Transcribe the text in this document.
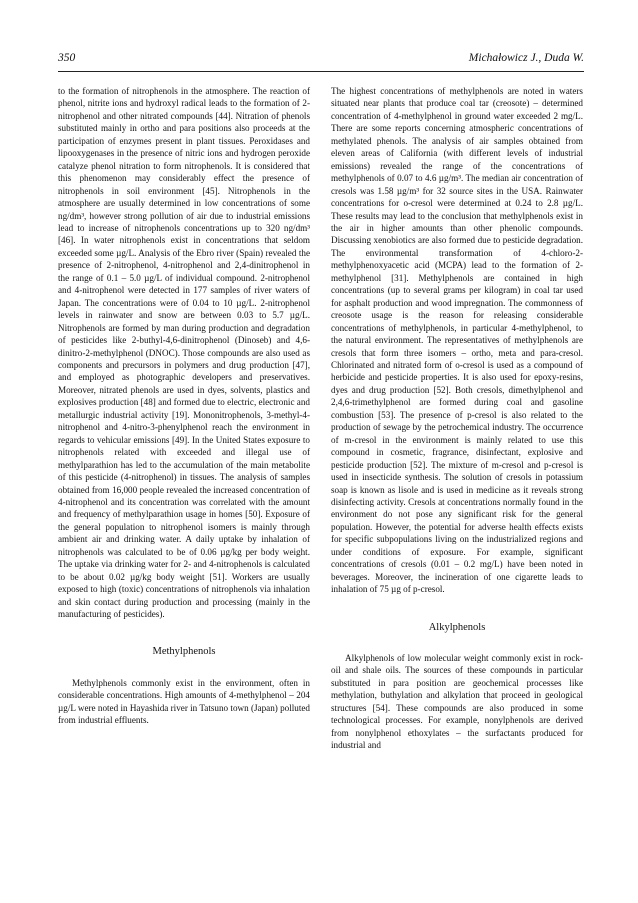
350	Michałowicz J., Duda W.

to the formation of nitrophenols in the atmosphere. The reaction of phenol, nitrite ions and hydroxyl radical leads to the formation of 2-nitrophenol and other nitrated compounds [44]. Nitration of phenols substituted mainly in ortho and para positions also proceeds at the participation of enzymes present in plant tissues. Peroxidases and lipooxygenases in the presence of nitric ions and hydrogen peroxide catalyze phenol nitration to form nitrophenols. It is considered that this phenomenon may considerably effect the presence of nitrophenols in soil environment [45]. Nitrophenols in the atmosphere are usually determined in low concentrations of some ng/dm³, however strong pollution of air due to industrial emissions lead to increase of nitrophenols concentrations up to 320 ng/dm³ [46]. In water nitrophenols exist in concentrations that seldom exceeded some µg/L. Analysis of the Ebro river (Spain) revealed the presence of 2-nitrophenol, 4-nitrophenol and 2,4-dinitrophenol in the range of 0.1 – 5.0 µg/L of individual compound. 2-nitrophenol and 4-nitrophenol were detected in 177 samples of river waters of Japan. The concentrations were of 0.04 to 10 µg/L. 2-nitrophenol levels in rainwater and snow are between 0.03 to 5.7 µg/L. Nitrophenols are formed by man during production and degradation of pesticides like 2-buthyl-4,6-dinitrophenol (Dinoseb) and 4,6-dinitro-2-methylphenol (DNOC). Those compounds are also used as components and precursors in polymers and drug production [47], and employed as photographic developers and preservatives. Moreover, nitrated phenols are used in dyes, solvents, plastics and explosives production [48] and formed due to electric, electronic and metallurgic industrial activity [19]. Mononitrophenols, 3-methyl-4-nitrophenol and 4-nitro-3-phenylphenol reach the environment in regards to vehicular emissions [49]. In the United States exposure to nitrophenols related with exceeded and illegal use of methylparathion has led to the accumulation of the main metabolite of this pesticide (4-nitrophenol) in tissues. The analysis of samples obtained from 16,000 people revealed the increased concentration of 4-nitrophenol and its concentration was correlated with the amount and frequency of methylparathion usage in homes [50]. Exposure of the general population to nitrophenol isomers is mainly through ambient air and drinking water. A daily uptake by inhalation of nitrophenols was calculated to be of 0.06 µg/kg per body weight. The uptake via drinking water for 2- and 4-nitrophenols is calculated to be about 0.02 µg/kg body weight [51]. Workers are usually exposed to high (toxic) concentrations of nitrophenols via inhalation and skin contact during production and processing (mainly in the manufacturing of pesticides).

Methylphenols

Methylphenols commonly exist in the environment, often in considerable concentrations. High amounts of 4-methylphenol – 204 µg/L were noted in Hayashida river in Tatsuno town (Japan) polluted from industrial effluents.

The highest concentrations of methylphenols are noted in waters situated near plants that produce coal tar (creosote) – determined concentration of 4-methylphenol in ground water exceeded 2 mg/L. There are some reports concerning atmospheric concentrations of methylated phenols. The analysis of air samples obtained from eleven areas of California (with different levels of industrial emissions) revealed the range of the concentrations of methylphenols of 0.07 to 4.6 µg/m³. The median air concentration of cresols was 1.58 µg/m³ for 32 source sites in the USA. Rainwater concentrations for o-cresol were determined at 0.24 to 2.8 µg/L. These results may lead to the conclusion that methylphenols exist in the air in higher amounts than other phenolic compounds. Discussing xenobiotics are also formed due to pesticide degradation. The environmental transformation of 4-chloro-2-methylphenoxyacetic acid (MCPA) lead to the formation of 2-methylphenol [31]. Methylphenols are contained in high concentrations (up to several grams per kilogram) in coal tar used for asphalt production and wood impregnation. The commonness of creosote usage is the reason for releasing considerable concentrations of methylphenols, in particular 4-methylphenol, to the natural environment. The representatives of methylphenols are cresols that form three isomers – ortho, meta and para-cresol. Chlorinated and nitrated form of o-cresol is used as a compound of herbicide and pesticide properties. It is also used for epoxy-resins, dyes and drug production [52]. Both cresols, dimethylphenol and 2,4,6-trimethylphenol are formed during coal and gasoline combustion [53]. The presence of p-cresol is also related to the production of sewage by the petrochemical industry. The occurrence of m-cresol in the environment is mainly related to use this compound in cosmetic, fragrance, disinfectant, explosive and pesticide production [52]. The mixture of m-cresol and p-cresol is used in insecticide synthesis. The solution of cresols in potassium soap is known as lisole and is used in medicine as it reveals strong disinfecting activity. Cresols at concentrations normally found in the environment do not pose any significant risk for the general population. However, the potential for adverse health effects exists for specific subpopulations living on the industrialized regions and under conditions of exposure. For example, significant concentrations of cresols (0.01 – 0.2 mg/L) have been noted in beverages. Moreover, the incineration of one cigarette leads to inhalation of 75 µg of p-cresol.

Alkylphenols

Alkylphenols of low molecular weight commonly exist in rock-oil and shale oils. The sources of these compounds in particular substituted in para position are geochemical processes like methylation, buthylation and alkylation that proceed in geological structures [54]. These compounds are also produced in some technological processes. For example, nonylphenols are derived from nonylphenol ethoxylates – the surfactants produced for industrial and
